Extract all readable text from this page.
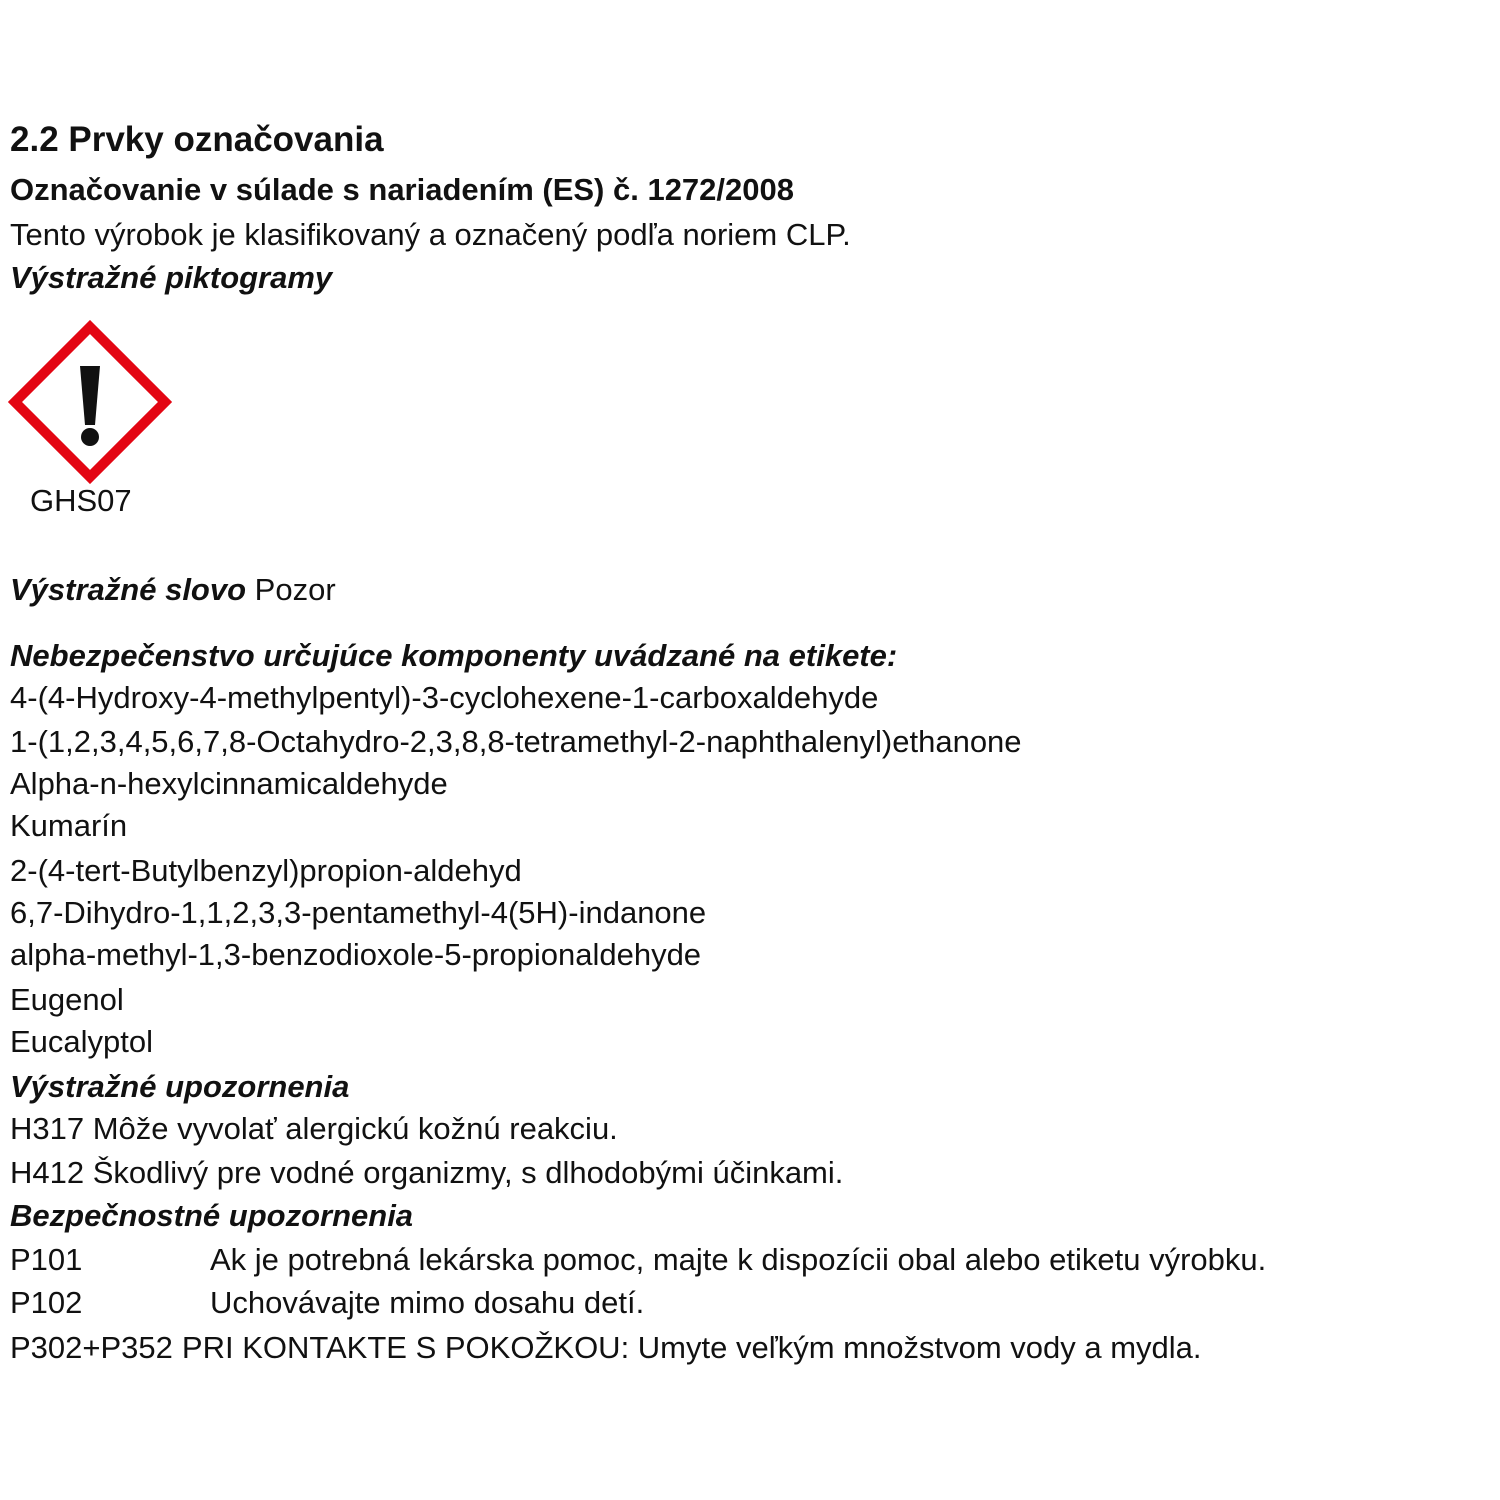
2.2 Prvky označovania
Označovanie v súlade s nariadením (ES) č. 1272/2008
Tento výrobok je klasifikovaný a označený podľa noriem CLP.
Výstražné piktogramy
GHS07
Výstražné slovo Pozor
Nebezpečenstvo určujúce komponenty uvádzané na etikete:
4-(4-Hydroxy-4-methylpentyl)-3-cyclohexene-1-carboxaldehyde
1-(1,2,3,4,5,6,7,8-Octahydro-2,3,8,8-tetramethyl-2-naphthalenyl)ethanone
Alpha-n-hexylcinnamicaldehyde
Kumarín
2-(4-tert-Butylbenzyl)propion-aldehyd
6,7-Dihydro-1,1,2,3,3-pentamethyl-4(5H)-indanone
alpha-methyl-1,3-benzodioxole-5-propionaldehyde
Eugenol
Eucalyptol
Výstražné upozornenia
H317 Môže vyvolať alergickú kožnú reakciu.
H412 Škodlivý pre vodné organizmy, s dlhodobými účinkami.
Bezpečnostné upozornenia
P101	Ak je potrebná lekárska pomoc, majte k dispozícii obal alebo etiketu výrobku.
P102	Uchovávajte mimo dosahu detí.
P302+P352 PRI KONTAKTE S POKOŽKOU: Umyte veľkým množstvom vody a mydla.
